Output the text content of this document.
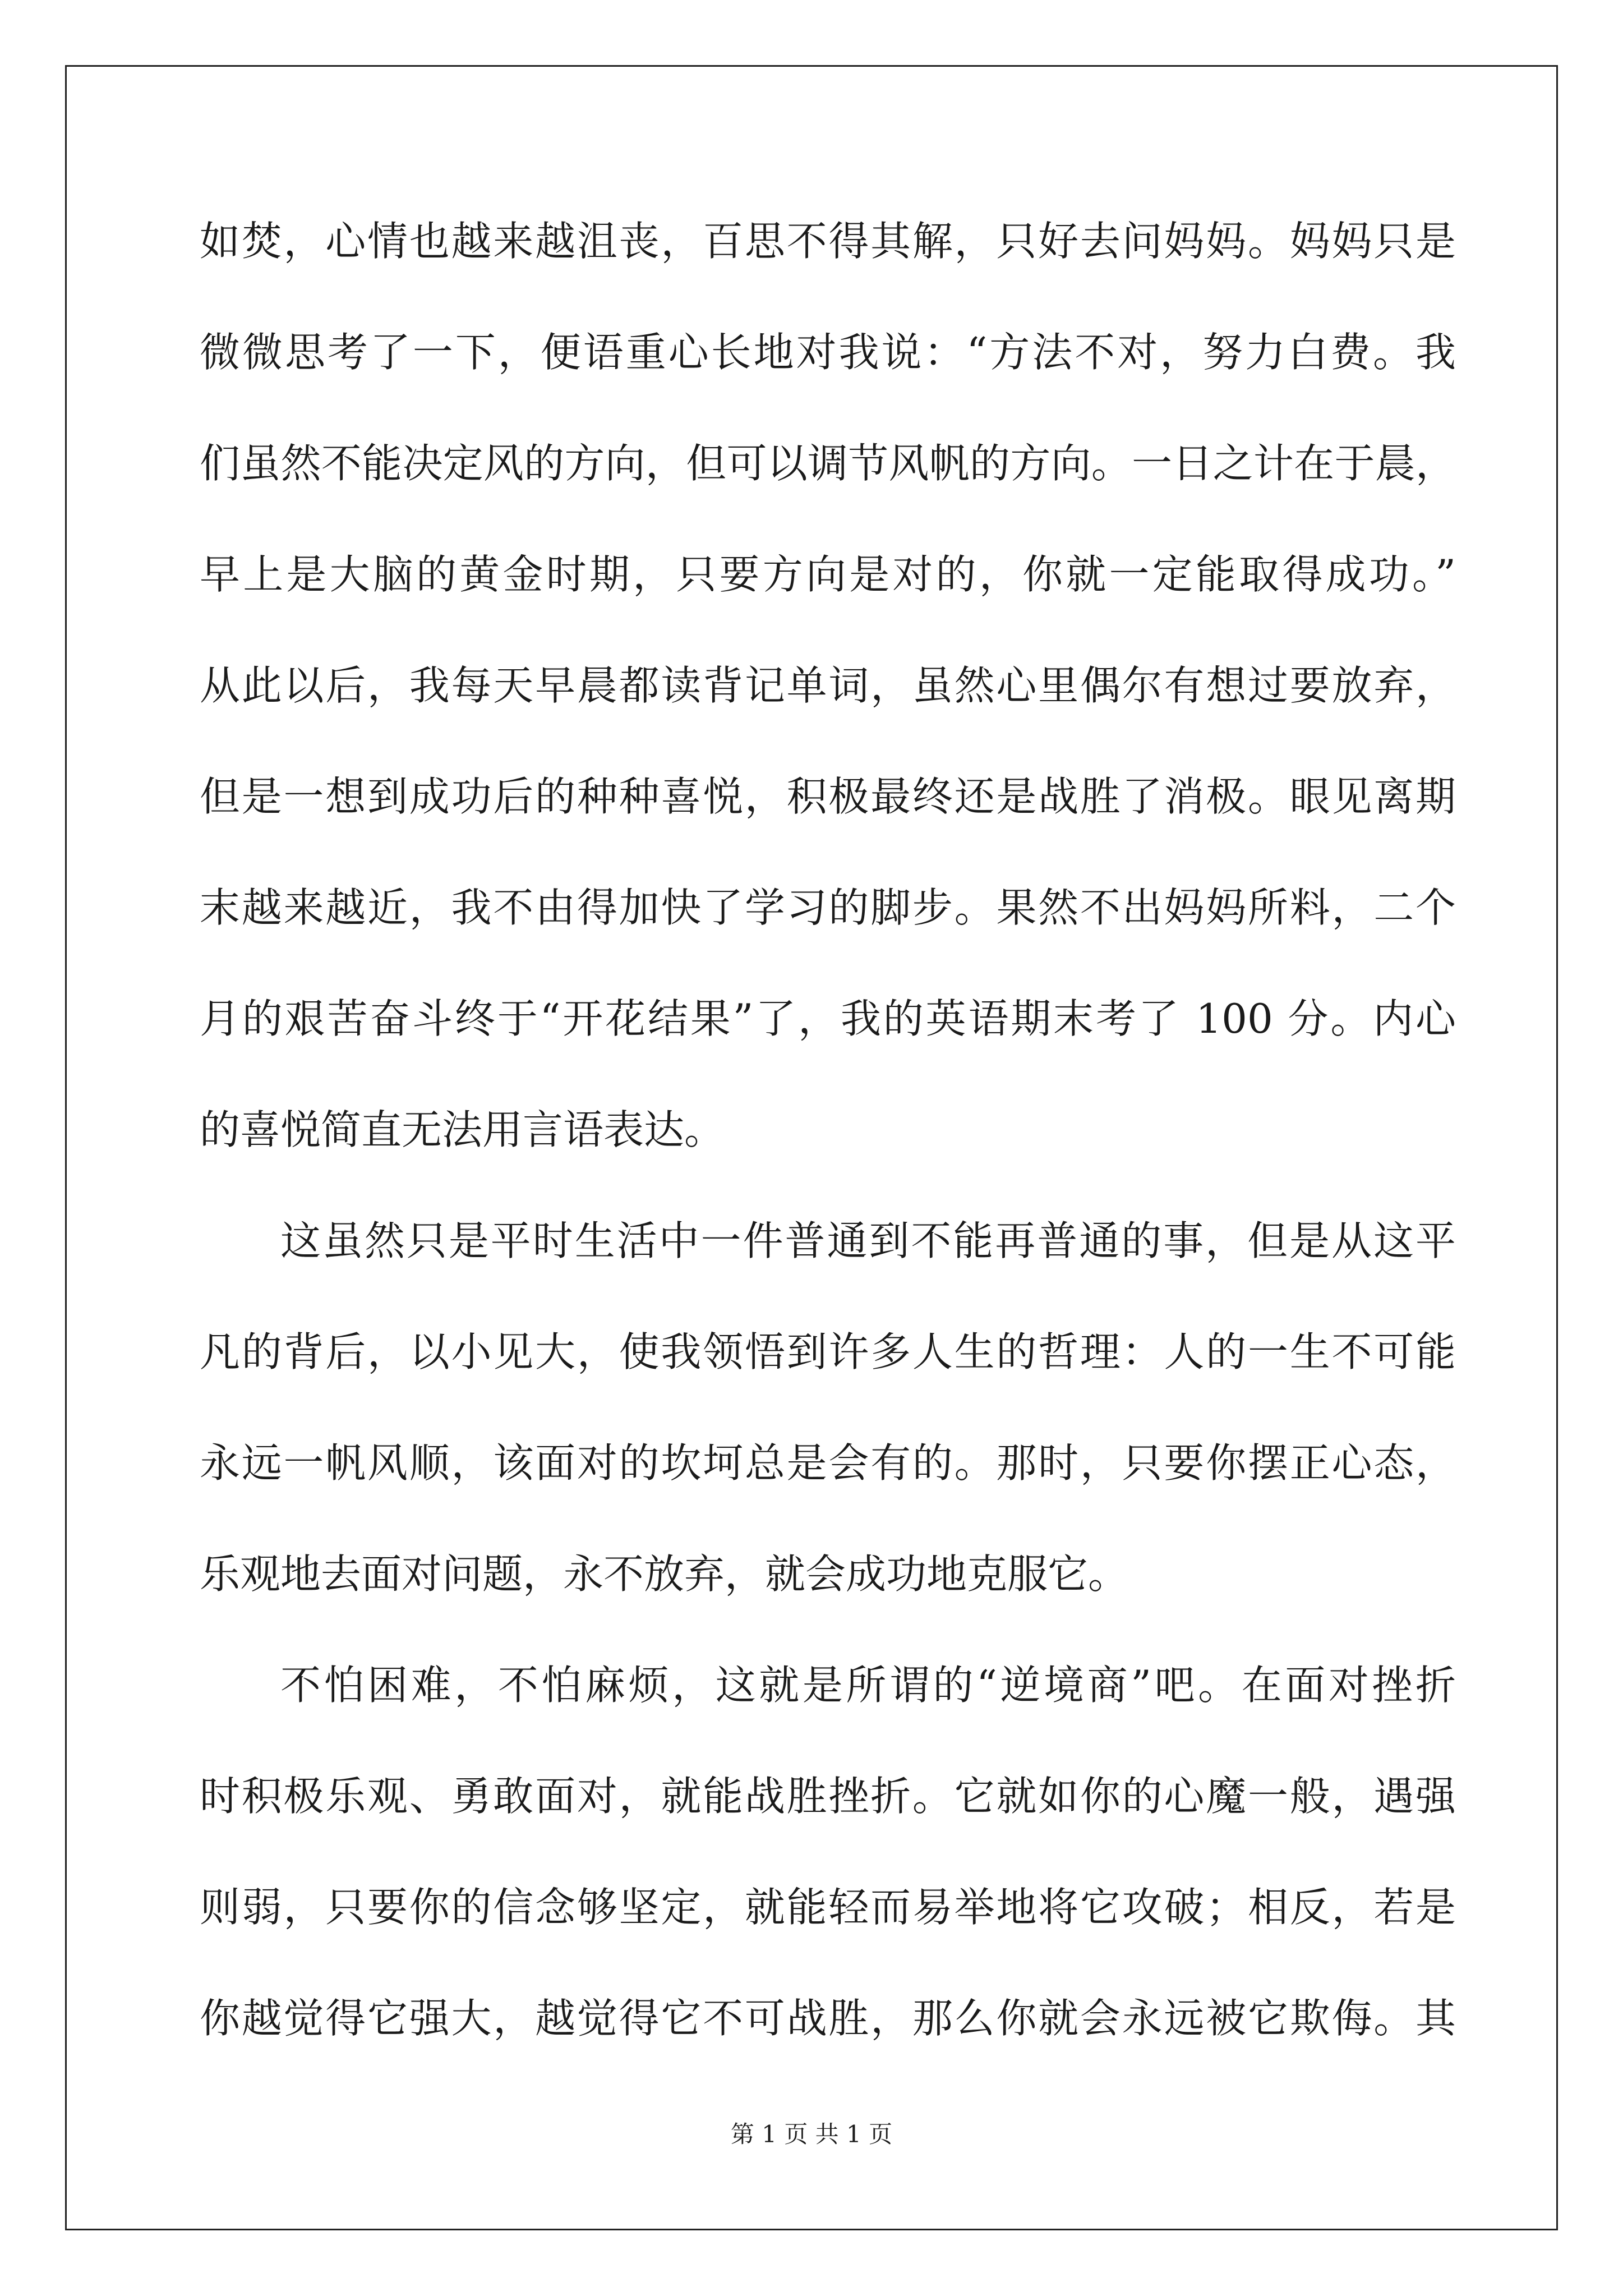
如焚，心情也越来越沮丧，百思不得其解，只好去问妈妈。妈妈只是
微微思考了一下，便语重心长地对我说：“方法不对，努力白费。我
们虽然不能决定风的方向，但可以调节风帆的方向。一日之计在于晨，
早上是大脑的黄金时期，只要方向是对的，你就一定能取得成功。”
从此以后，我每天早晨都读背记单词，虽然心里偶尔有想过要放弃，
但是一想到成功后的种种喜悦，积极最终还是战胜了消极。眼见离期
末越来越近，我不由得加快了学习的脚步。果然不出妈妈所料，二个
月的艰苦奋斗终于“开花结果”了，我的英语期末考了 100 分。内心
的喜悦简直无法用言语表达。
这虽然只是平时生活中一件普通到不能再普通的事，但是从这平
凡的背后，以小见大，使我领悟到许多人生的哲理：人的一生不可能
永远一帆风顺，该面对的坎坷总是会有的。那时，只要你摆正心态，
乐观地去面对问题，永不放弃，就会成功地克服它。
不怕困难，不怕麻烦，这就是所谓的“逆境商”吧。在面对挫折
时积极乐观、勇敢面对，就能战胜挫折。它就如你的心魔一般，遇强
则弱，只要你的信念够坚定，就能轻而易举地将它攻破；相反，若是
你越觉得它强大，越觉得它不可战胜，那么你就会永远被它欺侮。其
第 1 页 共 1 页
